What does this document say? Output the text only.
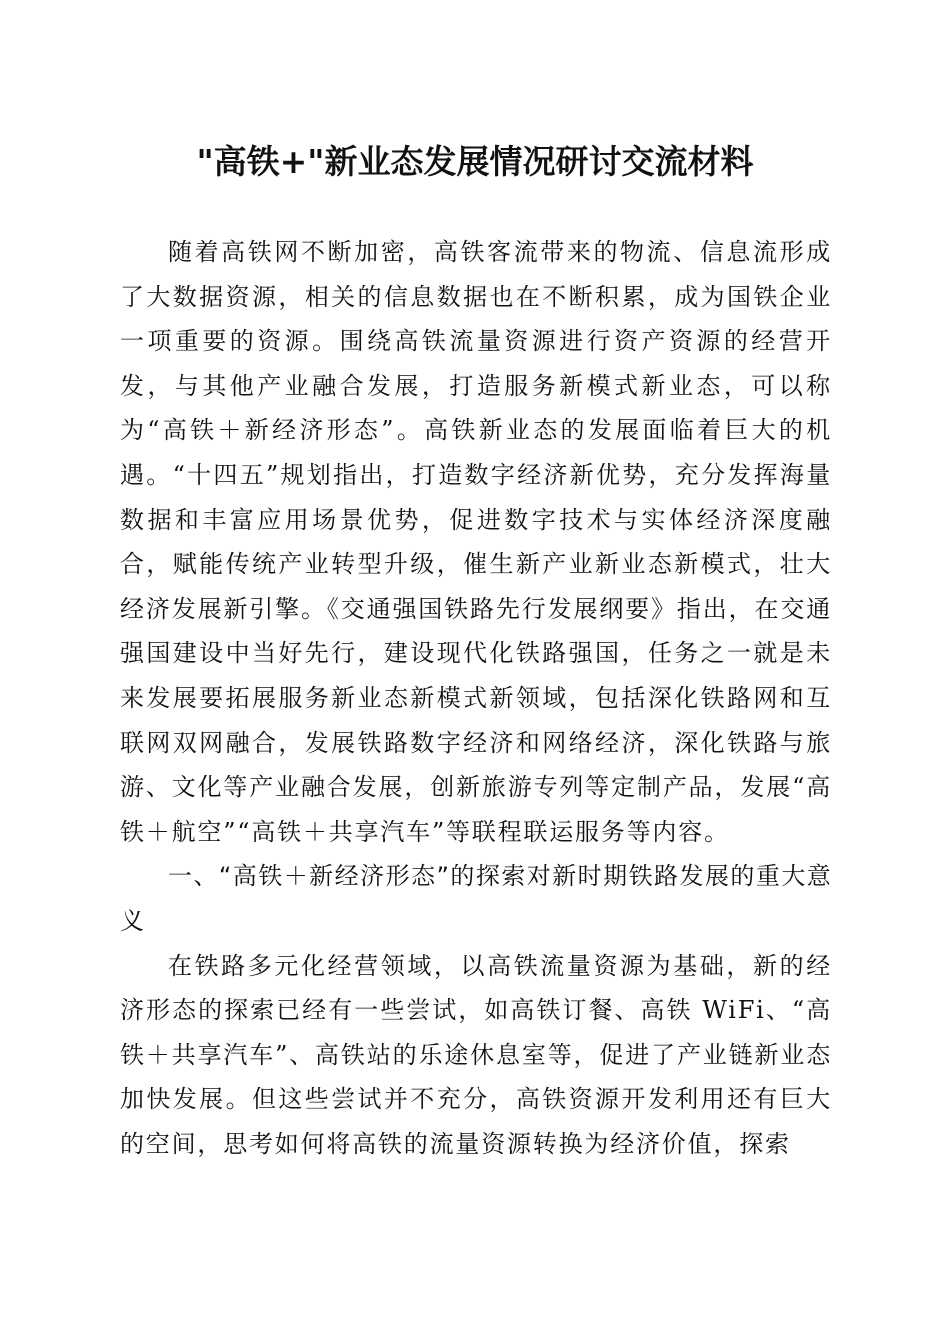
"高铁+"新业态发展情况研讨交流材料

随着高铁网不断加密，高铁客流带来的物流、信息流形成了大数据资源，相关的信息数据也在不断积累，成为国铁企业一项重要的资源。围绕高铁流量资源进行资产资源的经营开发，与其他产业融合发展，打造服务新模式新业态，可以称为“高铁＋新经济形态”。高铁新业态的发展面临着巨大的机遇。“十四五”规划指出，打造数字经济新优势，充分发挥海量数据和丰富应用场景优势，促进数字技术与实体经济深度融合，赋能传统产业转型升级，催生新产业新业态新模式，壮大经济发展新引擎。《交通强国铁路先行发展纲要》指出，在交通强国建设中当好先行，建设现代化铁路强国，任务之一就是未来发展要拓展服务新业态新模式新领域，包括深化铁路网和互联网双网融合，发展铁路数字经济和网络经济，深化铁路与旅游、文化等产业融合发展，创新旅游专列等定制产品，发展“高铁＋航空”“高铁＋共享汽车”等联程联运服务等内容。

一、“高铁＋新经济形态”的探索对新时期铁路发展的重大意义

在铁路多元化经营领域，以高铁流量资源为基础，新的经济形态的探索已经有一些尝试，如高铁订餐、高铁 WiFi、“高铁＋共享汽车”、高铁站的乐途休息室等，促进了产业链新业态加快发展。但这些尝试并不充分，高铁资源开发利用还有巨大的空间，思考如何将高铁的流量资源转换为经济价值，探索
